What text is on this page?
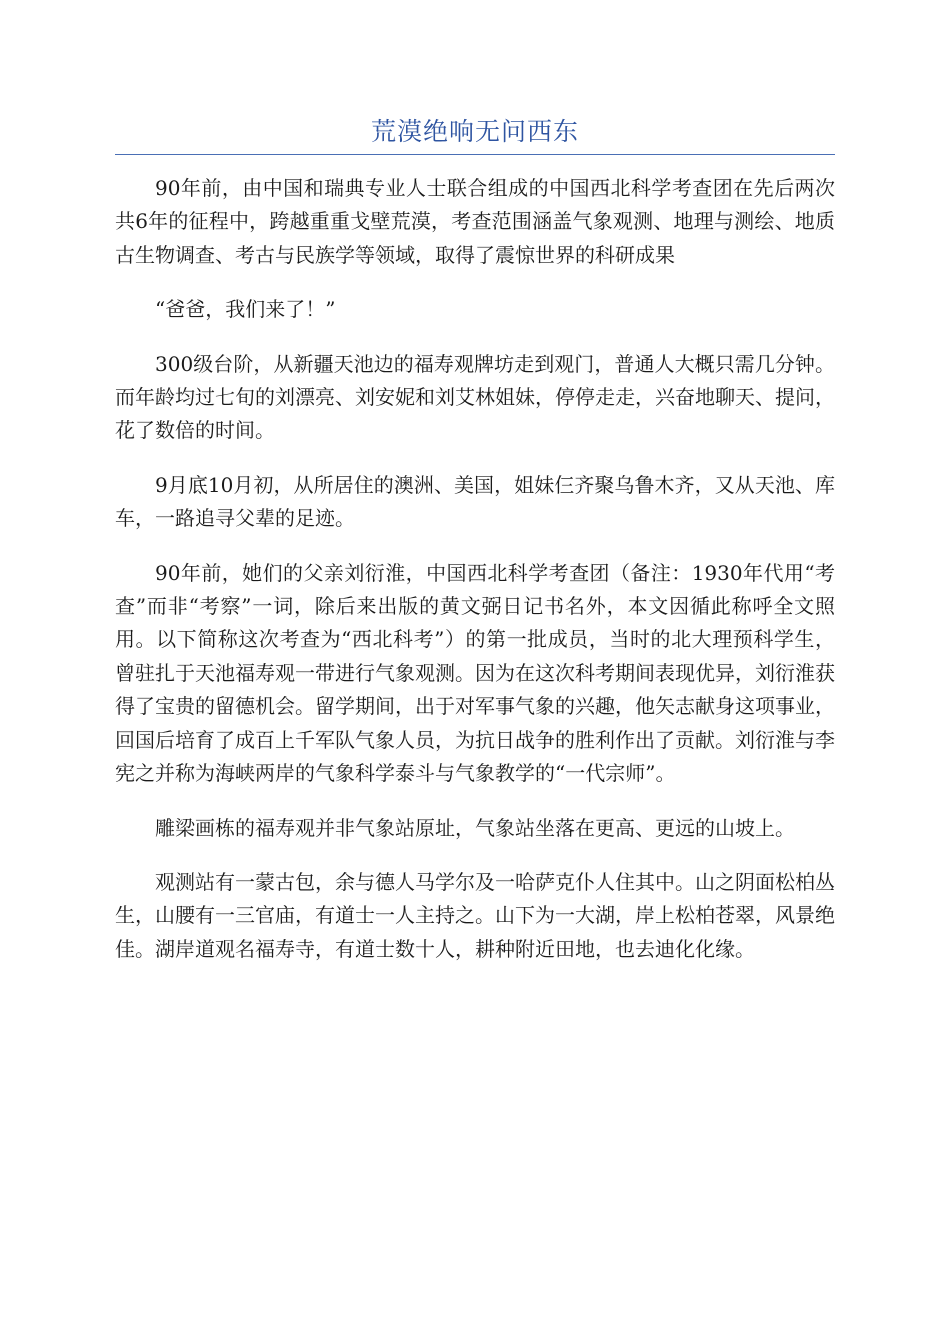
荒漠绝响无问西东

90年前，由中国和瑞典专业人士联合组成的中国西北科学考查团在先后两次共6年的征程中，跨越重重戈壁荒漠，考查范围涵盖气象观测、地理与测绘、地质古生物调查、考古与民族学等领域，取得了震惊世界的科研成果

“爸爸，我们来了！”

300级台阶，从新疆天池边的福寿观牌坊走到观门，普通人大概只需几分钟。而年龄均过七旬的刘漂亮、刘安妮和刘艾林姐妹，停停走走，兴奋地聊天、提问，花了数倍的时间。

9月底10月初，从所居住的澳洲、美国，姐妹仨齐聚乌鲁木齐，又从天池、库车，一路追寻父辈的足迹。

90年前，她们的父亲刘衍淮，中国西北科学考查团（备注：1930年代用“考查”而非“考察”一词，除后来出版的黄文弼日记书名外，本文因循此称呼全文照用。以下简称这次考查为“西北科考”）的第一批成员，当时的北大理预科学生，曾驻扎于天池福寿观一带进行气象观测。因为在这次科考期间表现优异，刘衍淮获得了宝贵的留德机会。留学期间，出于对军事气象的兴趣，他矢志献身这项事业，回国后培育了成百上千军队气象人员，为抗日战争的胜利作出了贡献。刘衍淮与李宪之并称为海峡两岸的气象科学泰斗与气象教学的“一代宗师”。

雕梁画栋的福寿观并非气象站原址，气象站坐落在更高、更远的山坡上。

观测站有一蒙古包，余与德人马学尔及一哈萨克仆人住其中。山之阴面松柏丛生，山腰有一三官庙，有道士一人主持之。山下为一大湖，岸上松柏苍翠，风景绝佳。湖岸道观名福寿寺，有道士数十人，耕种附近田地，也去迪化化缘。
